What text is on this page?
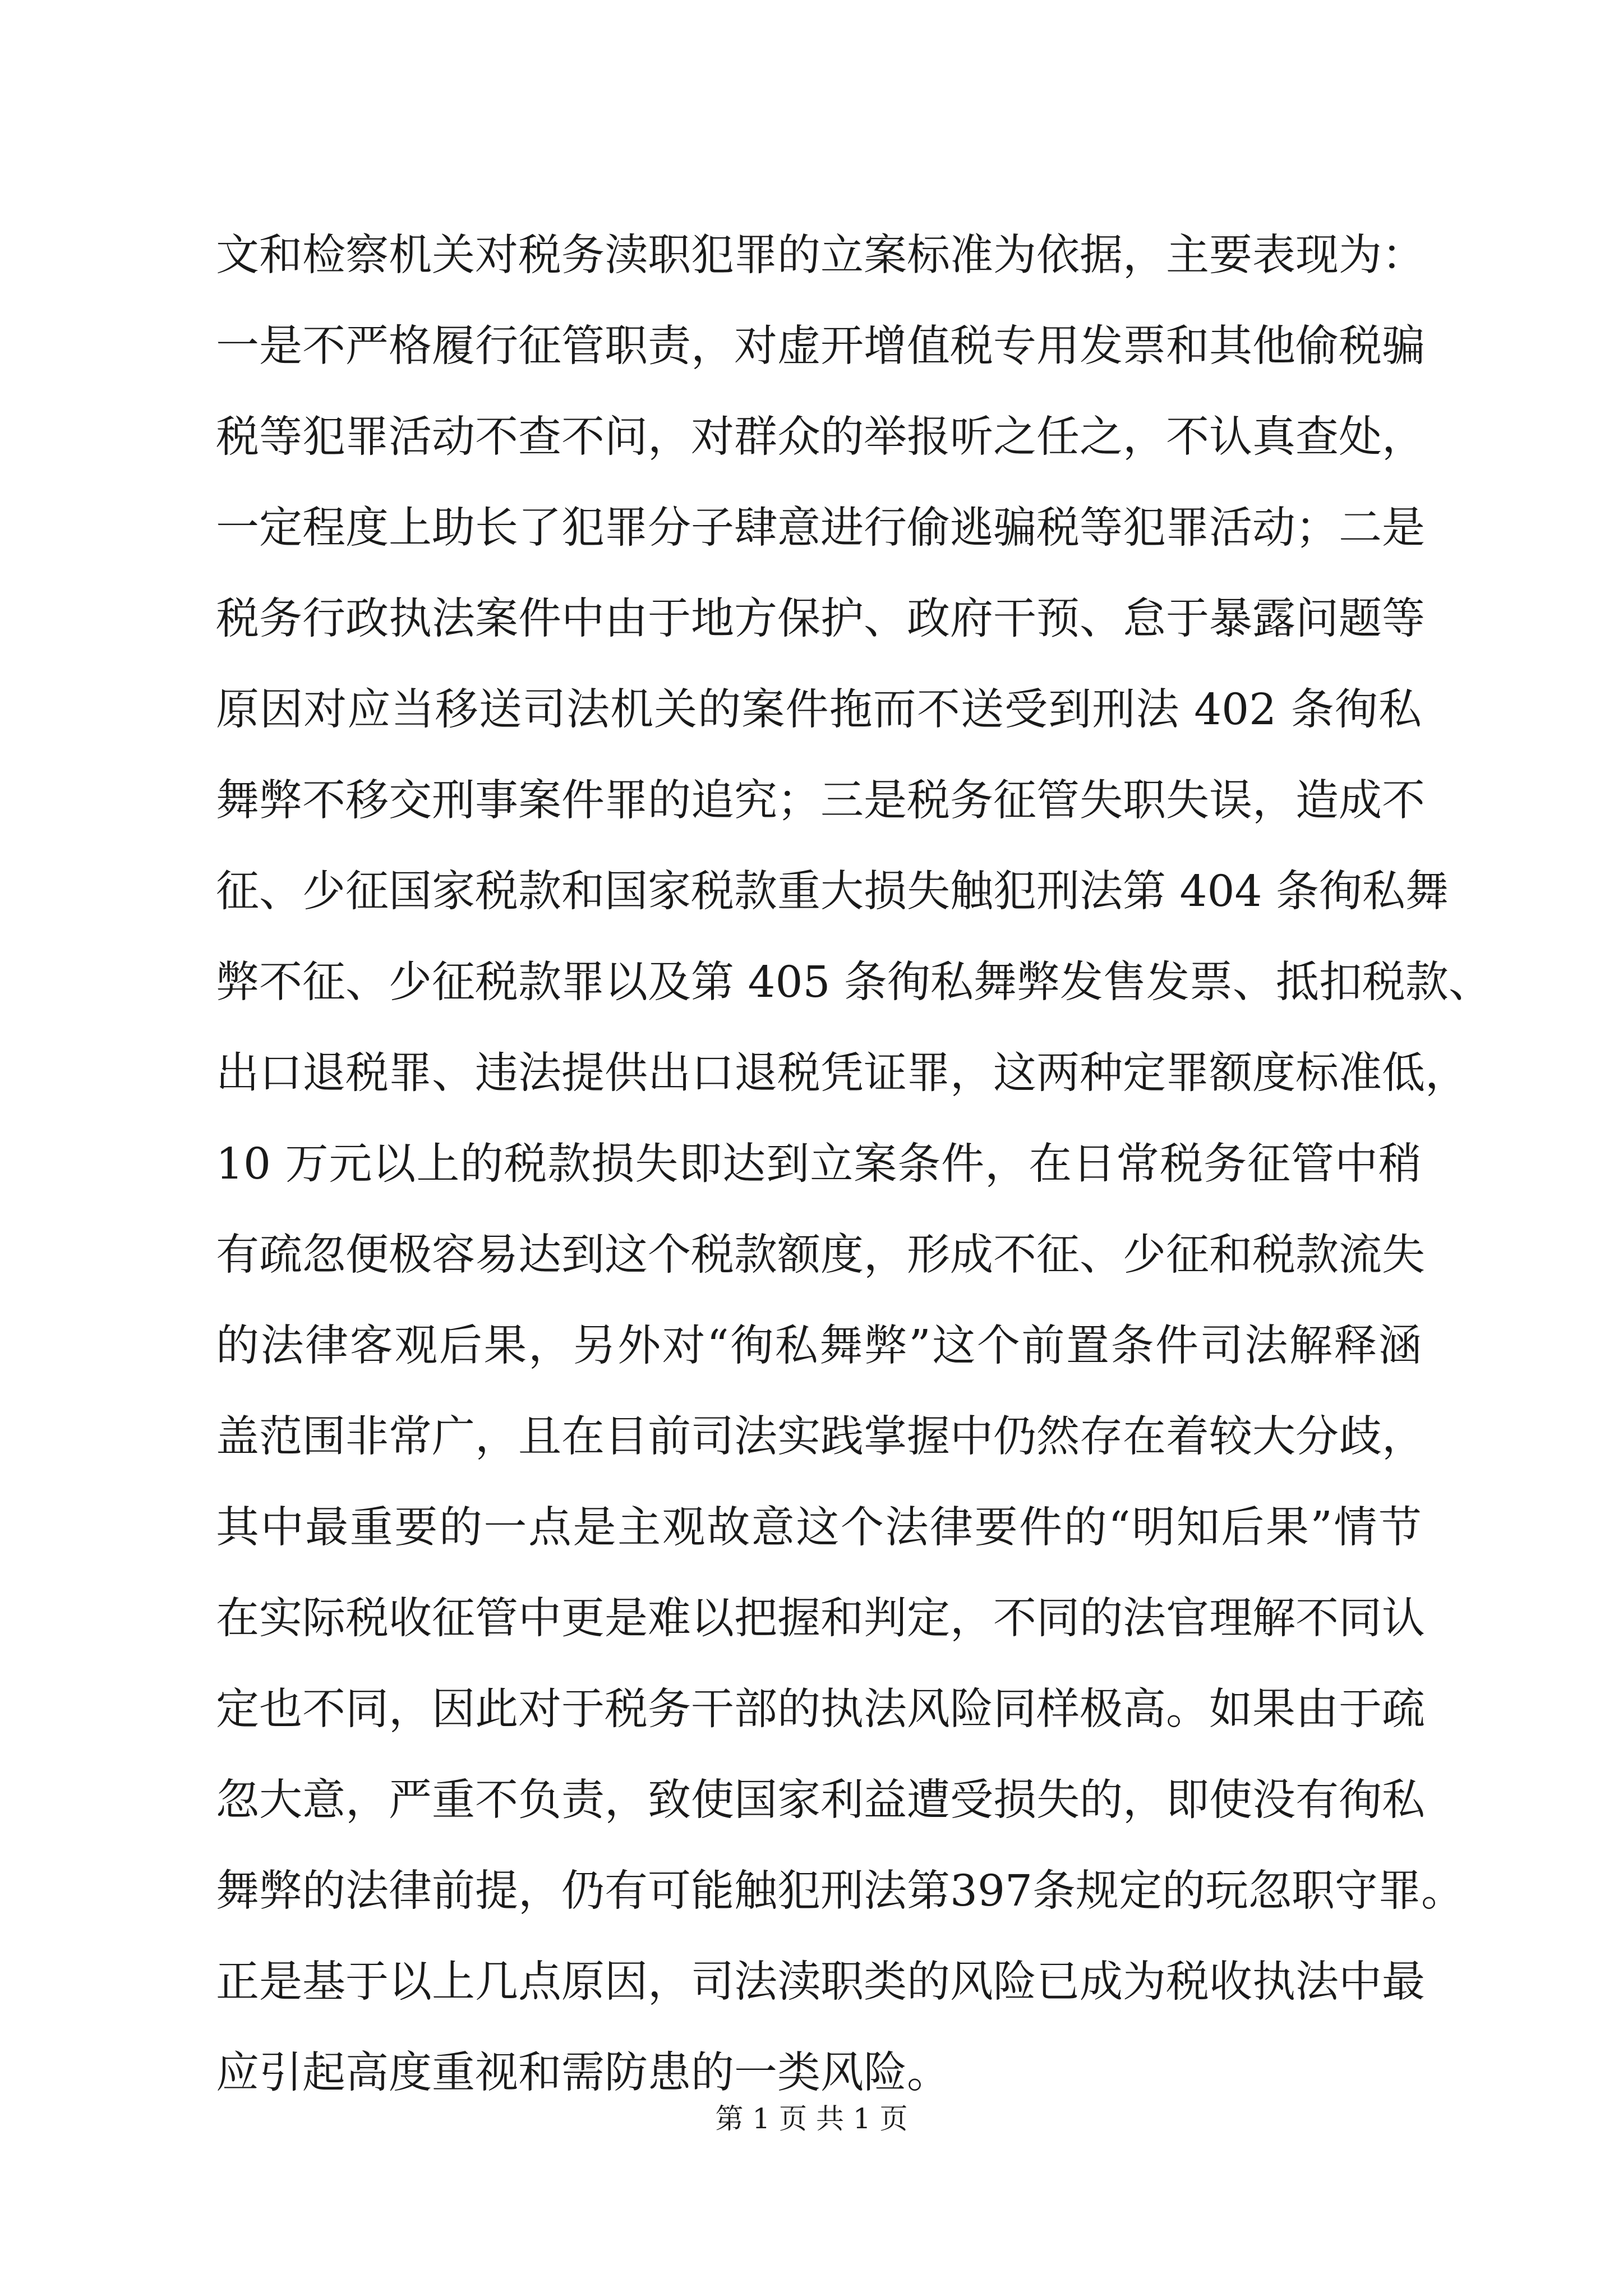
文和检察机关对税务渎职犯罪的立案标准为依据，主要表现为：
一是不严格履行征管职责，对虚开增值税专用发票和其他偷税骗
税等犯罪活动不查不问，对群众的举报听之任之，不认真查处，
一定程度上助长了犯罪分子肆意进行偷逃骗税等犯罪活动；二是
税务行政执法案件中由于地方保护、政府干预、怠于暴露问题等
原因对应当移送司法机关的案件拖而不送受到刑法 402 条徇私
舞弊不移交刑事案件罪的追究；三是税务征管失职失误，造成不
征、少征国家税款和国家税款重大损失触犯刑法第 404 条徇私舞
弊不征、少征税款罪以及第 405 条徇私舞弊发售发票、抵扣税款、
出口退税罪、违法提供出口退税凭证罪，这两种定罪额度标准低，
10 万元以上的税款损失即达到立案条件，在日常税务征管中稍
有疏忽便极容易达到这个税款额度，形成不征、少征和税款流失
的法律客观后果，另外对“徇私舞弊”这个前置条件司法解释涵
盖范围非常广，且在目前司法实践掌握中仍然存在着较大分歧，
其中最重要的一点是主观故意这个法律要件的“明知后果”情节
在实际税收征管中更是难以把握和判定，不同的法官理解不同认
定也不同，因此对于税务干部的执法风险同样极高。如果由于疏
忽大意，严重不负责，致使国家利益遭受损失的，即使没有徇私
舞弊的法律前提，仍有可能触犯刑法第397条规定的玩忽职守罪。
正是基于以上几点原因，司法渎职类的风险已成为税收执法中最
应引起高度重视和需防患的一类风险。
第 1 页 共 1 页
